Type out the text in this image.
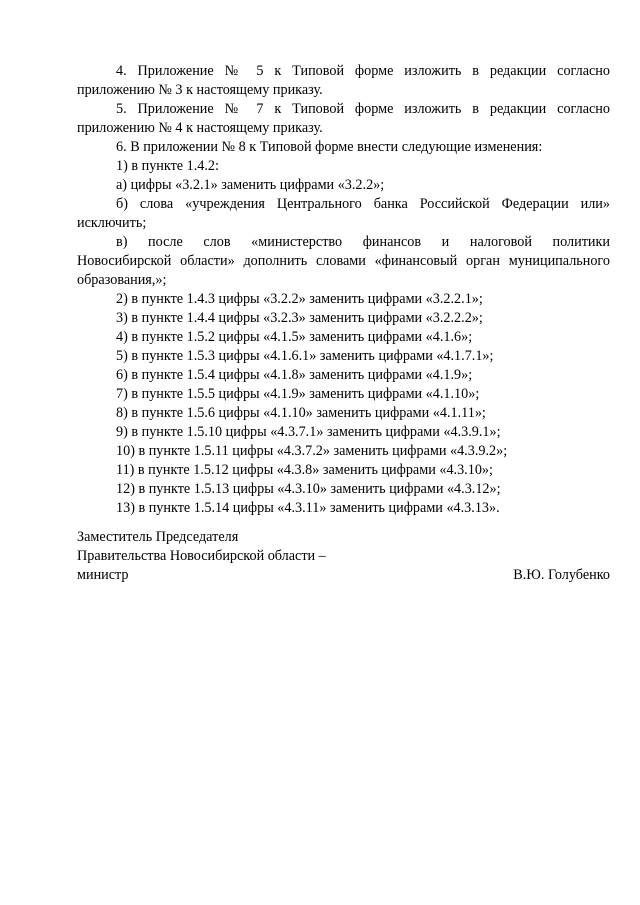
4. Приложение № 5 к Типовой форме изложить в редакции согласно
приложению № 3 к настоящему приказу.
5. Приложение № 7 к Типовой форме изложить в редакции согласно
приложению № 4 к настоящему приказу.
6. В приложении № 8 к Типовой форме внести следующие изменения:
1) в пункте 1.4.2:
а) цифры «3.2.1» заменить цифрами «3.2.2»;
б) слова «учреждения Центрального банка Российской Федерации или»
исключить;
в) после слов «министерство финансов и налоговой политики
Новосибирской области» дополнить словами «финансовый орган муниципального
образования,»;
2) в пункте 1.4.3 цифры «3.2.2» заменить цифрами «3.2.2.1»;
3) в пункте 1.4.4 цифры «3.2.3» заменить цифрами «3.2.2.2»;
4) в пункте 1.5.2 цифры «4.1.5» заменить цифрами «4.1.6»;
5) в пункте 1.5.3 цифры «4.1.6.1» заменить цифрами «4.1.7.1»;
6) в пункте 1.5.4 цифры «4.1.8» заменить цифрами «4.1.9»;
7) в пункте 1.5.5 цифры «4.1.9» заменить цифрами «4.1.10»;
8) в пункте 1.5.6 цифры «4.1.10» заменить цифрами «4.1.11»;
9) в пункте 1.5.10 цифры «4.3.7.1» заменить цифрами «4.3.9.1»;
10) в пункте 1.5.11 цифры «4.3.7.2» заменить цифрами «4.3.9.2»;
11) в пункте 1.5.12 цифры «4.3.8» заменить цифрами «4.3.10»;
12) в пункте 1.5.13 цифры «4.3.10» заменить цифрами «4.3.12»;
13) в пункте 1.5.14 цифры «4.3.11» заменить цифрами «4.3.13».
Заместитель Председателя
Правительства Новосибирской области –
министр	В.Ю. Голубенко
